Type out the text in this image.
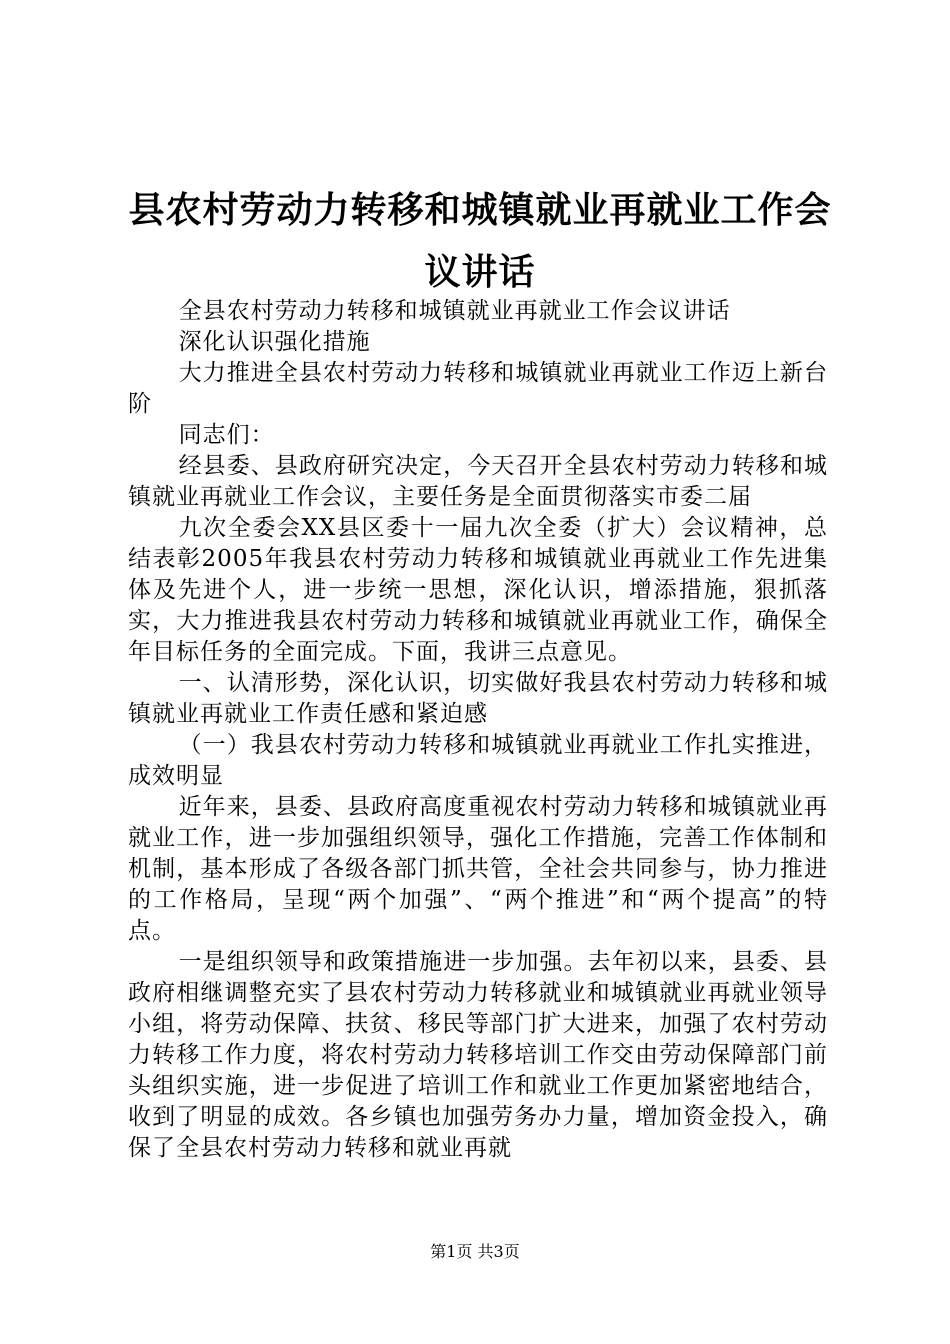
县农村劳动力转移和城镇就业再就业工作会议讲话

全县农村劳动力转移和城镇就业再就业工作会议讲话

深化认识强化措施

大力推进全县农村劳动力转移和城镇就业再就业工作迈上新台阶

同志们：

经县委、县政府研究决定，今天召开全县农村劳动力转移和城镇就业再就业工作会议，主要任务是全面贯彻落实市委二届

九次全委会XX县区委十一届九次全委（扩大）会议精神，总结表彰2005年我县农村劳动力转移和城镇就业再就业工作先进集体及先进个人，进一步统一思想，深化认识，增添措施，狠抓落实，大力推进我县农村劳动力转移和城镇就业再就业工作，确保全年目标任务的全面完成。下面，我讲三点意见。

一、认清形势，深化认识，切实做好我县农村劳动力转移和城镇就业再就业工作责任感和紧迫感

（一）我县农村劳动力转移和城镇就业再就业工作扎实推进，成效明显

近年来，县委、县政府高度重视农村劳动力转移和城镇就业再就业工作，进一步加强组织领导，强化工作措施，完善工作体制和机制，基本形成了各级各部门抓共管，全社会共同参与，协力推进的工作格局，呈现“两个加强”、“两个推进”和“两个提高”的特点。

一是组织领导和政策措施进一步加强。去年初以来，县委、县政府相继调整充实了县农村劳动力转移就业和城镇就业再就业领导小组，将劳动保障、扶贫、移民等部门扩大进来，加强了农村劳动力转移工作力度，将农村劳动力转移培训工作交由劳动保障部门前头组织实施，进一步促进了培训工作和就业工作更加紧密地结合，收到了明显的成效。各乡镇也加强劳务办力量，增加资金投入，确保了全县农村劳动力转移和就业再就

第1页 共3页
